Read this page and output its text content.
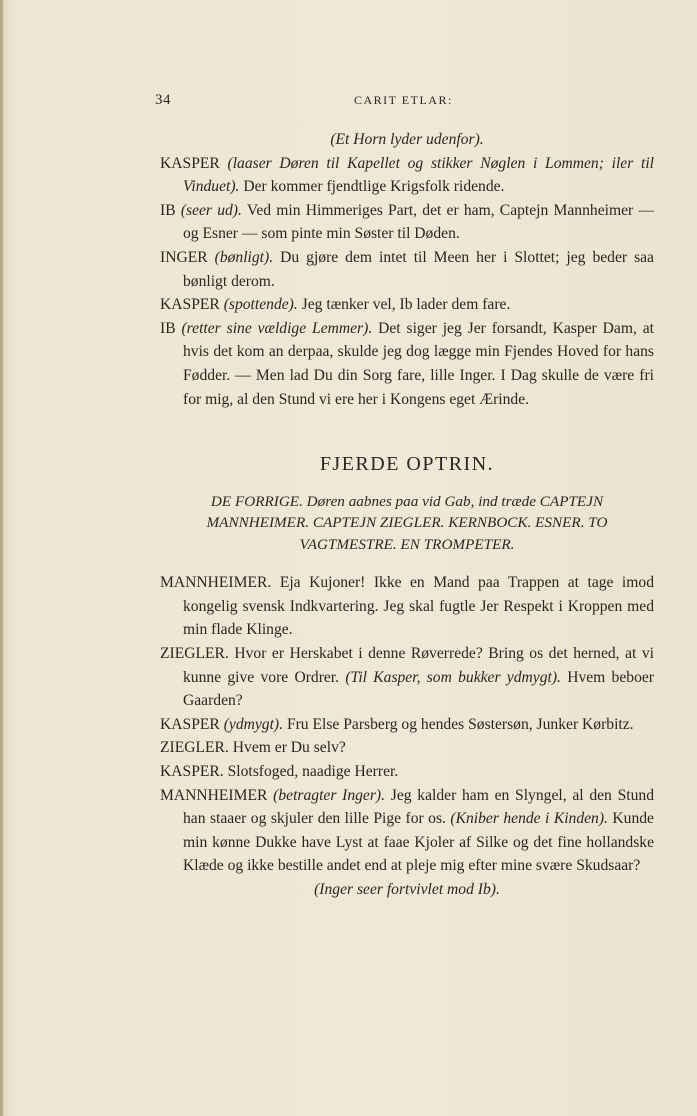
34	CARIT ETLAR:

(Et Horn lyder udenfor).

KASPER (laaser Døren til Kapellet og stikker Nøglen i Lommen; iler til Vinduet). Der kommer fjendtlige Krigsfolk ridende.

IB (seer ud). Ved min Himmeriges Part, det er ham, Captejn Mannheimer — og Esner — som pinte min Søster til Døden.

INGER (bønligt). Du gjøre dem intet til Meen her i Slottet; jeg beder saa bønligt derom.

KASPER (spottende). Jeg tænker vel, Ib lader dem fare.

IB (retter sine vældige Lemmer). Det siger jeg Jer forsandt, Kasper Dam, at hvis det kom an derpaa, skulde jeg dog lægge min Fjendes Hoved for hans Fødder. — Men lad Du din Sorg fare, lille Inger. I Dag skulle de være fri for mig, al den Stund vi ere her i Kongens eget Ærinde.

FJERDE OPTRIN.
DE FORRIGE. Døren aabnes paa vid Gab, ind træde CAPTEJN MANNHEIMER. CAPTEJN ZIEGLER. KERNBOCK. ESNER. TO VAGTMESTRE. EN TROMPETER.

MANNHEIMER. Eja Kujoner! Ikke en Mand paa Trappen at tage imod kongelig svensk Indkvartering. Jeg skal fugtle Jer Respekt i Kroppen med min flade Klinge.

ZIEGLER. Hvor er Herskabet i denne Røverrede? Bring os det herned, at vi kunne give vore Ordrer. (Til Kasper, som bukker ydmygt). Hvem beboer Gaarden?

KASPER (ydmygt). Fru Else Parsberg og hendes Søstersøn, Junker Kørbitz.

ZIEGLER. Hvem er Du selv?

KASPER. Slotsfoged, naadige Herrer.

MANNHEIMER (betragter Inger). Jeg kalder ham en Slyngel, al den Stund han staaer og skjuler den lille Pige for os. (Kniber hende i Kinden). Kunde min kønne Dukke have Lyst at faae Kjoler af Silke og det fine hollandske Klæde og ikke bestille andet end at pleje mig efter mine svære Skudsaar?

(Inger seer fortvivlet mod Ib).
